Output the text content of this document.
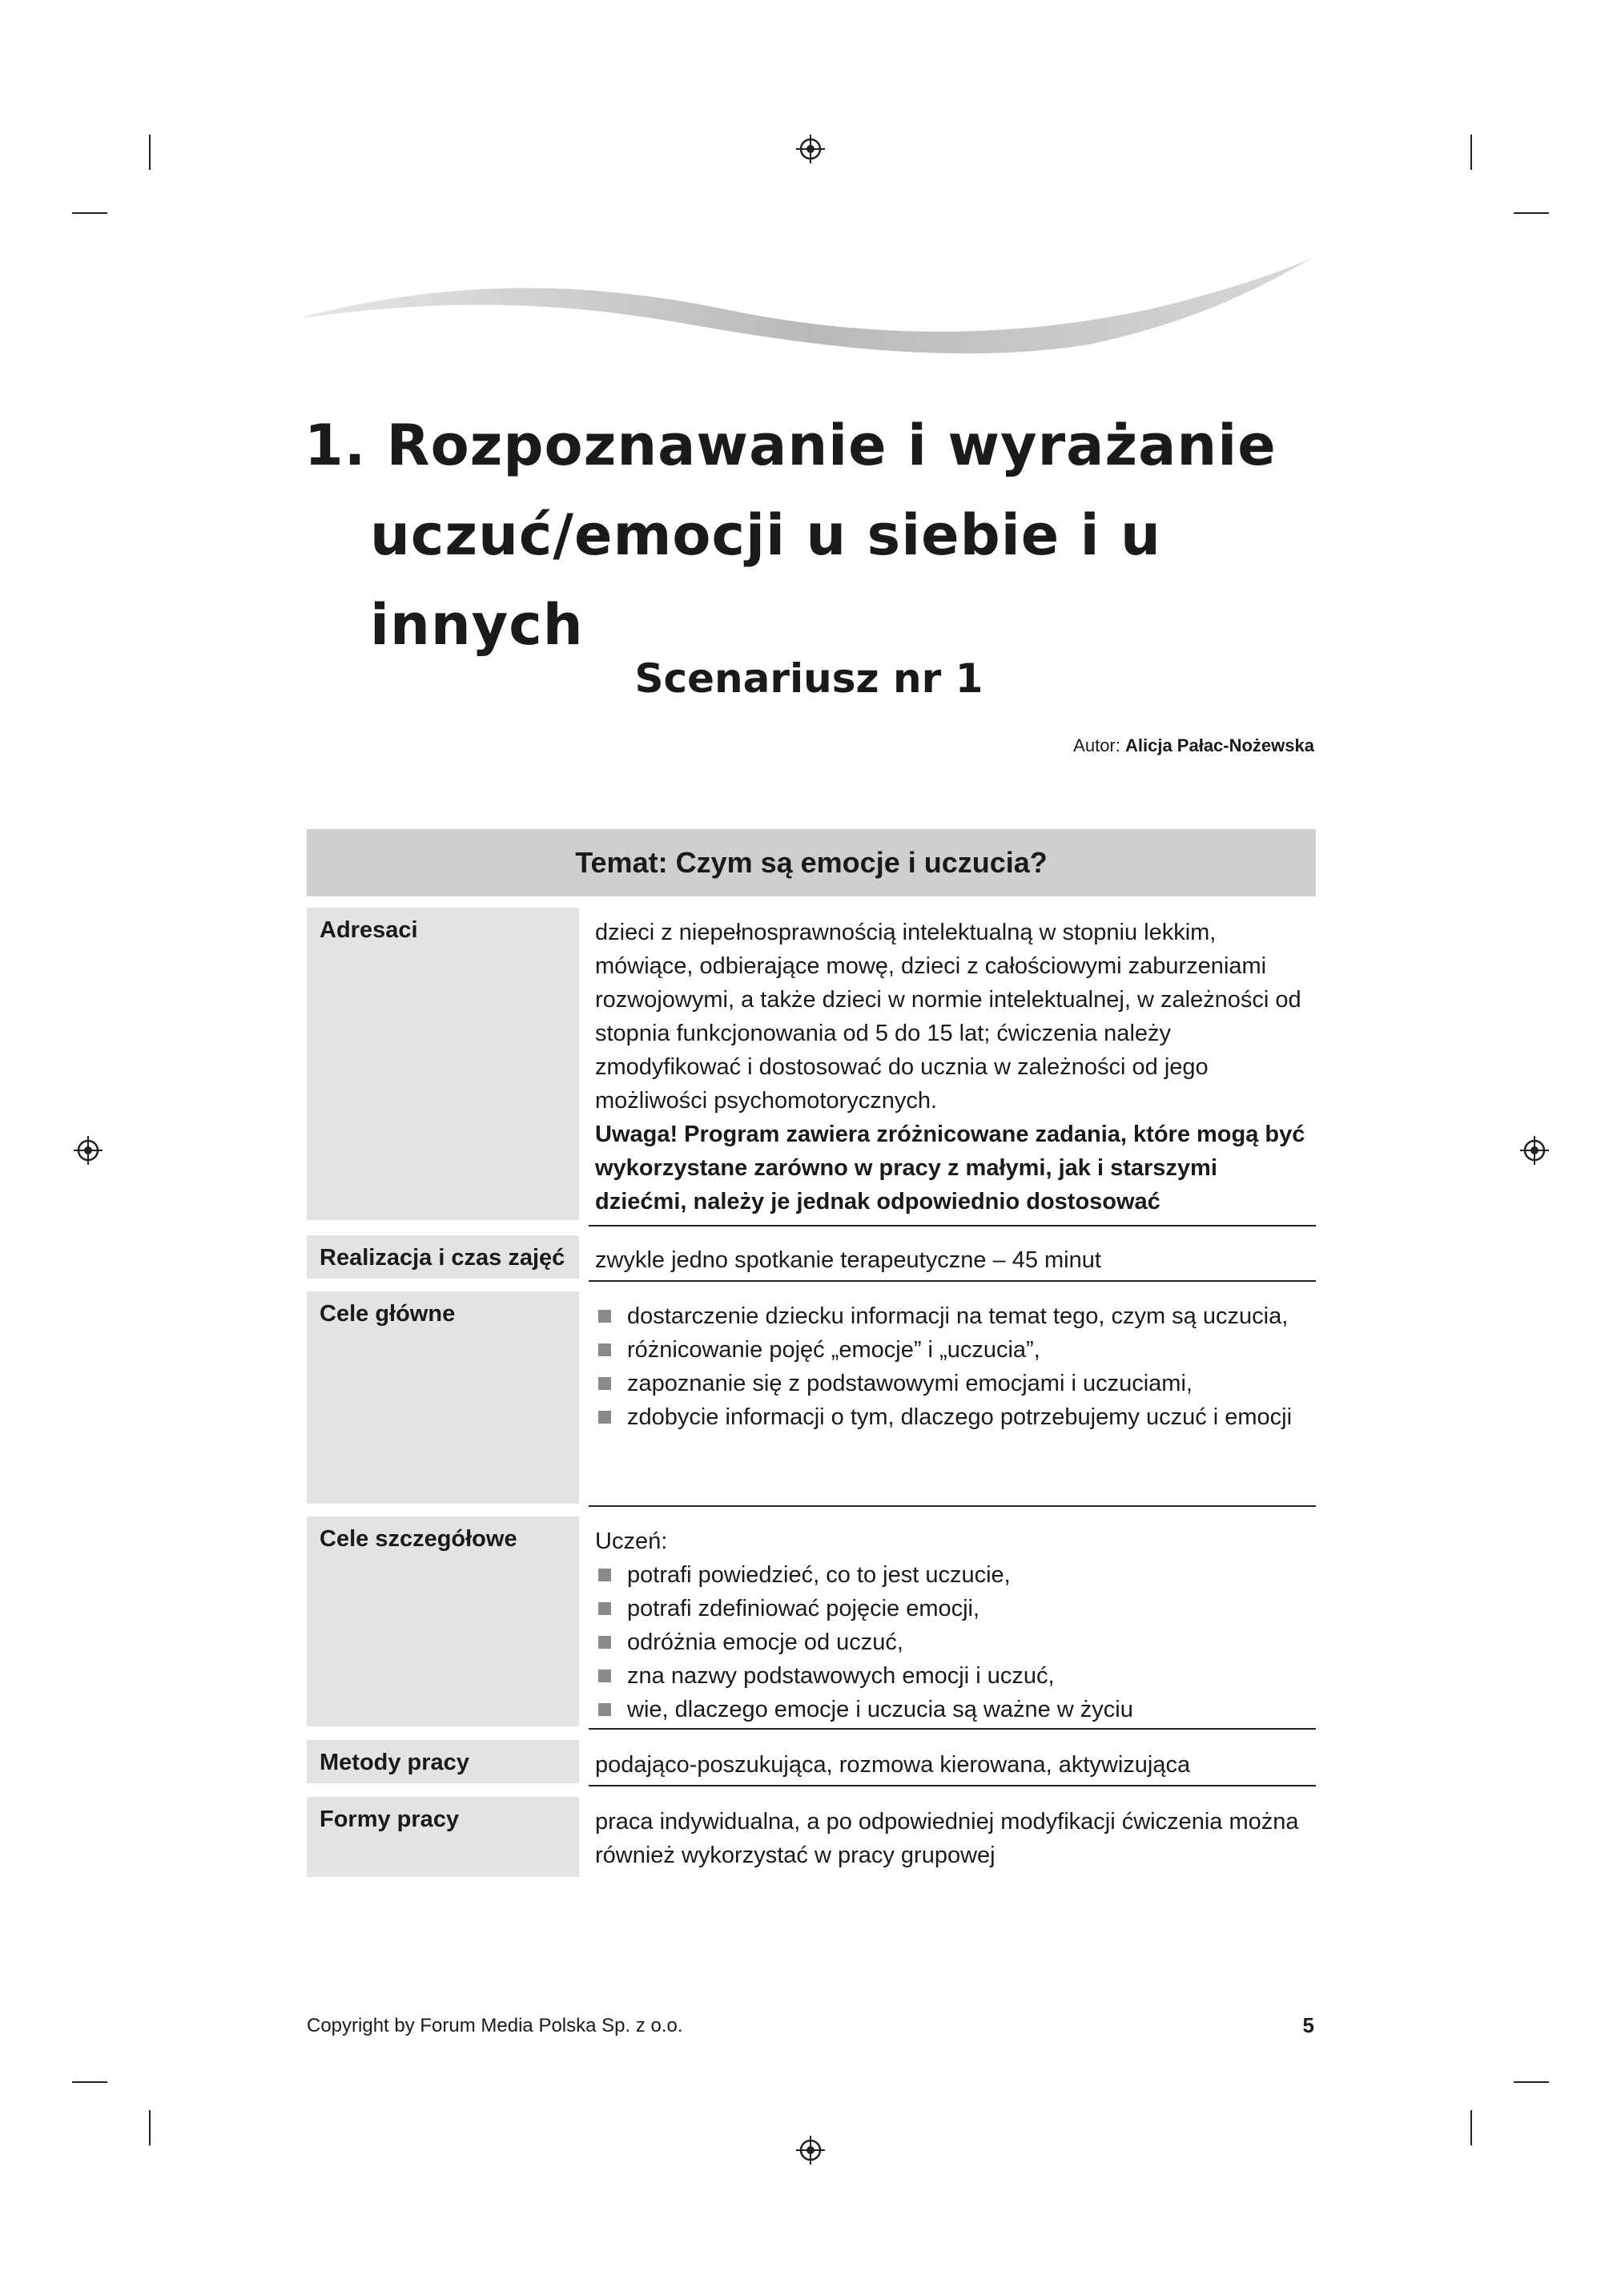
1. Rozpoznawanie i wyrażanie
uczuć/emocji u siebie i u innych
Scenariusz nr 1
Autor: Alicja Pałac-Nożewska
Temat: Czym są emocje i uczucia?
Adresaci	dzieci z niepełnosprawnością intelektualną w stopniu lekkim, mówiące, odbierające mowę, dzieci z całościowymi zaburzeniami rozwojowymi, a także dzieci w normie intelektualnej, w zależności od stopnia funkcjonowania od 5 do 15 lat; ćwiczenia należy zmodyfikować i dostosować do ucznia w zależności od jego możliwości psychomotorycznych.

Uwaga! Program zawiera zróżnicowane zadania, które mogą być wykorzystane zarówno w pracy z małymi, jak i starszymi dziećmi, należy je jednak odpowiednio dostosować

Realizacja i czas zajęć	zwykle jedno spotkanie terapeutyczne – 45 minut
Cele główne	dostarczenie dziecku informacji na temat tego, czym są uczucia,
różnicowanie pojęć „emocje” i „uczucia”,
zapoznanie się z podstawowymi emocjami i uczuciami,
zdobycie informacji o tym, dlaczego potrzebujemy uczuć i emocji
Cele szczegółowe	Uczeń:

potrafi powiedzieć, co to jest uczucie,
potrafi zdefiniować pojęcie emocji,
odróżnia emocje od uczuć,
zna nazwy podstawowych emocji i uczuć,
wie, dlaczego emocje i uczucia są ważne w życiu
Metody pracy	podająco-poszukująca, rozmowa kierowana, aktywizująca
Formy pracy	praca indywidualna, a po odpowiedniej modyfikacji ćwiczenia można również wykorzystać w pracy grupowej
Copyright by Forum Media Polska Sp. z o.o.	5
